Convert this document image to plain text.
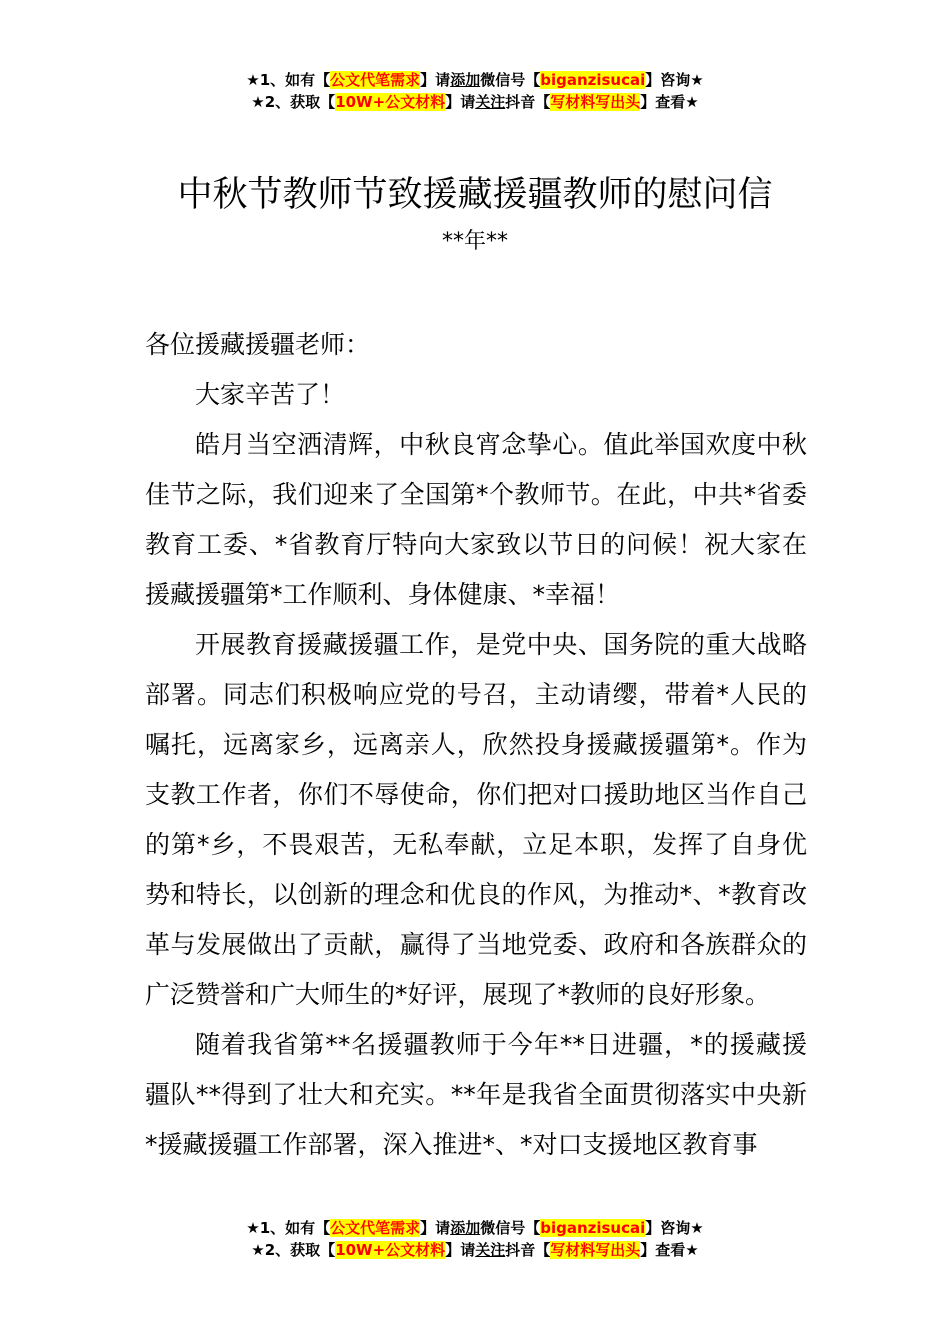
★1、如有【公文代笔需求】请添加微信号【biganzisucai】咨询★
★2、获取【10W+公文材料】请关注抖音【写材料写出头】查看★
中秋节教师节致援藏援疆教师的慰问信
**年**

各位援藏援疆老师：

大家辛苦了！

皓月当空洒清辉，中秋良宵念挚心。值此举国欢度中秋佳节之际，我们迎来了全国第*个教师节。在此，中共*省委教育工委、*省教育厅特向大家致以节日的问候！祝大家在援藏援疆第*工作顺利、身体健康、*幸福！

开展教育援藏援疆工作，是党中央、国务院的重大战略部署。同志们积极响应党的号召，主动请缨，带着*人民的嘱托，远离家乡，远离亲人，欣然投身援藏援疆第*。作为支教工作者，你们不辱使命，你们把对口援助地区当作自己的第*乡，不畏艰苦，无私奉献，立足本职，发挥了自身优势和特长，以创新的理念和优良的作风，为推动*、*教育改革与发展做出了贡献，赢得了当地党委、政府和各族群众的广泛赞誉和广大师生的*好评，展现了*教师的良好形象。

随着我省第**名援疆教师于今年**日进疆，*的援藏援疆队**得到了壮大和充实。**年是我省全面贯彻落实中央新*援藏援疆工作部署，深入推进*、*对口支援地区教育事

★1、如有【公文代笔需求】请添加微信号【biganzisucai】咨询★
★2、获取【10W+公文材料】请关注抖音【写材料写出头】查看★
